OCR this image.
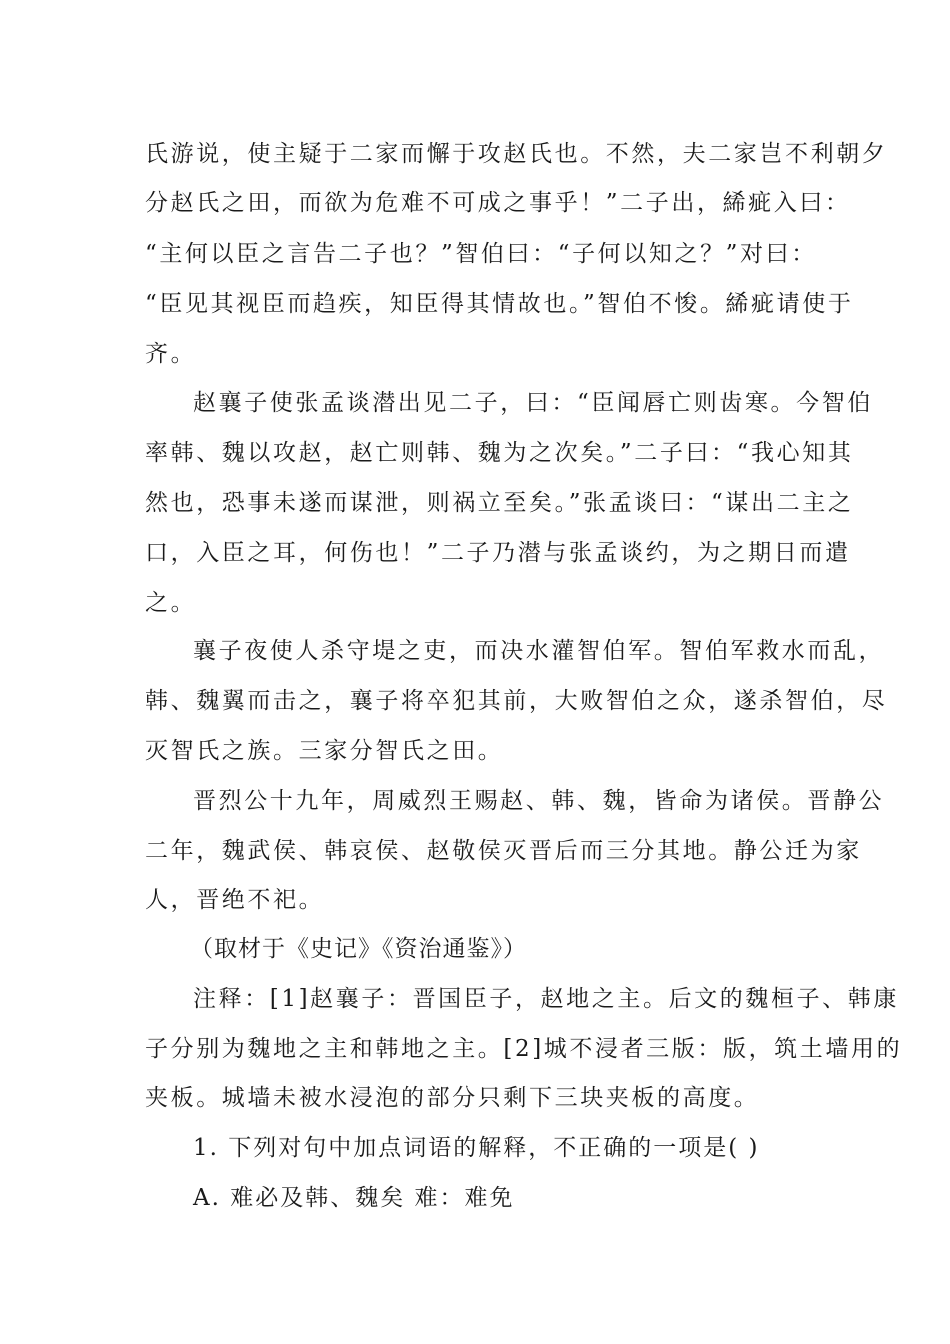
氏游说，使主疑于二家而懈于攻赵氏也。不然，夫二家岂不利朝夕
分赵氏之田，而欲为危难不可成之事乎！”二子出，絺疵入曰：
“主何以臣之言告二子也？”智伯曰：“子何以知之？”对曰：
“臣见其视臣而趋疾，知臣得其情故也。”智伯不悛。絺疵请使于
齐。
赵襄子使张孟谈潜出见二子，曰：“臣闻唇亡则齿寒。今智伯
率韩、魏以攻赵，赵亡则韩、魏为之次矣。”二子曰：“我心知其
然也，恐事未遂而谋泄，则祸立至矣。”张孟谈曰：“谋出二主之
口，入臣之耳，何伤也！”二子乃潜与张孟谈约，为之期日而遣
之。
襄子夜使人杀守堤之吏，而决水灌智伯军。智伯军救水而乱，
韩、魏翼而击之，襄子将卒犯其前，大败智伯之众，遂杀智伯，尽
灭智氏之族。三家分智氏之田。
晋烈公十九年，周威烈王赐赵、韩、魏，皆命为诸侯。晋静公
二年，魏武侯、韩哀侯、赵敬侯灭晋后而三分其地。静公迁为家
人，晋绝不祀。
（取材于《史记》《资治通鉴》）
注释：[1]赵襄子：晋国臣子，赵地之主。后文的魏桓子、韩康
子分别为魏地之主和韩地之主。[2]城不浸者三版：版，筑土墙用的
夹板。城墙未被水浸泡的部分只剩下三块夹板的高度。
1. 下列对句中加点词语的解释，不正确的一项是( )
A. 难必及韩、魏矣 难：难免
